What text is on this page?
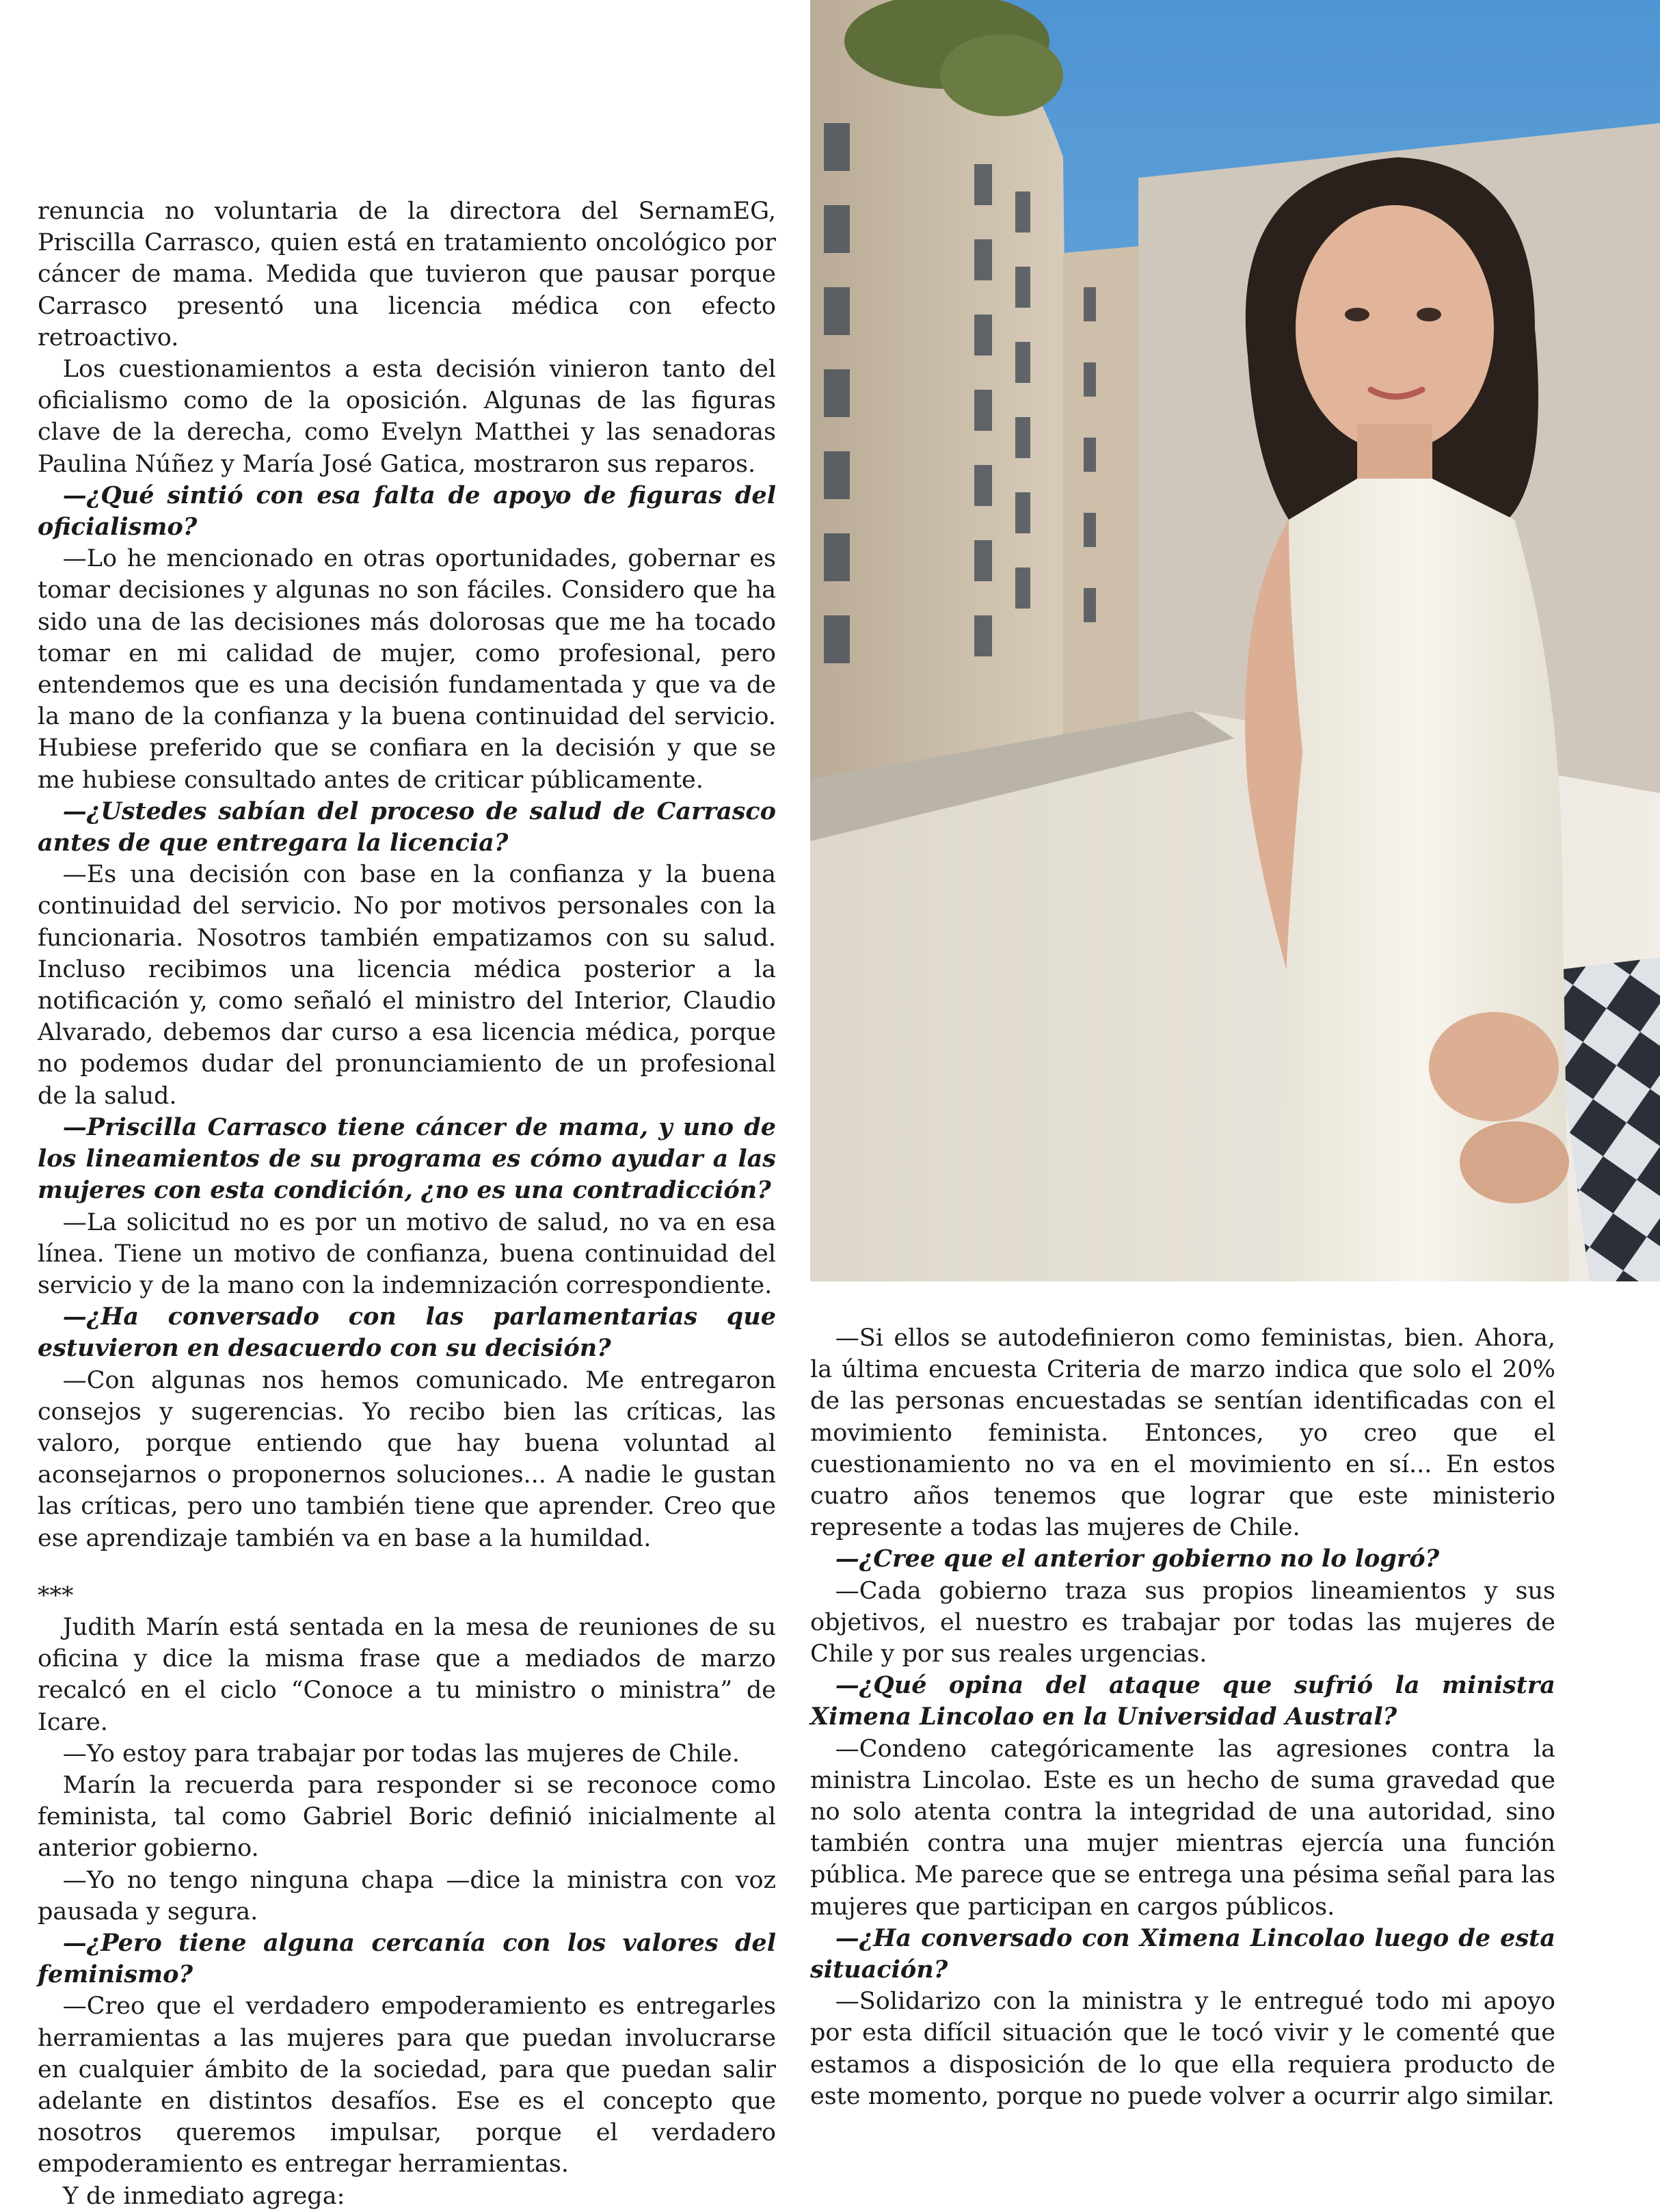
renuncia no voluntaria de la directora del SernamEG, Priscilla Carrasco, quien está en tratamiento oncológico por cáncer de mama. Medida que tuvieron que pausar porque Carrasco presentó una licencia médica con efecto retroactivo.

Los cuestionamientos a esta decisión vinieron tanto del oficialismo como de la oposición. Algunas de las figuras clave de la derecha, como Evelyn Matthei y las senadoras Paulina Núñez y María José Gatica, mostraron sus reparos.

—¿Qué sintió con esa falta de apoyo de figuras del oficialismo?

—Lo he mencionado en otras oportunidades, gobernar es tomar decisiones y algunas no son fáciles. Considero que ha sido una de las decisiones más dolorosas que me ha tocado tomar en mi calidad de mujer, como profesional, pero entendemos que es una decisión fundamentada y que va de la mano de la confianza y la buena continuidad del servicio. Hubiese preferido que se confiara en la decisión y que se me hubiese consultado antes de criticar públicamente.

—¿Ustedes sabían del proceso de salud de Carrasco antes de que entregara la licencia?

—Es una decisión con base en la confianza y la buena continuidad del servicio. No por motivos personales con la funcionaria. Nosotros también empatizamos con su salud. Incluso recibimos una licencia médica posterior a la notificación y, como señaló el ministro del Interior, Claudio Alvarado, debemos dar curso a esa licencia médica, porque no podemos dudar del pronunciamiento de un profesional de la salud.

—Priscilla Carrasco tiene cáncer de mama, y uno de los lineamientos de su programa es cómo ayudar a las mujeres con esta condición, ¿no es una contradicción?

—La solicitud no es por un motivo de salud, no va en esa línea. Tiene un motivo de confianza, buena continuidad del servicio y de la mano con la indemnización correspondiente.

—¿Ha conversado con las parlamentarias que estuvieron en desacuerdo con su decisión?

—Con algunas nos hemos comunicado. Me entregaron consejos y sugerencias. Yo recibo bien las críticas, las valoro, porque entiendo que hay buena voluntad al aconsejarnos o proponernos soluciones... A nadie le gustan las críticas, pero uno también tiene que aprender. Creo que ese aprendizaje también va en base a la humildad.

***

Judith Marín está sentada en la mesa de reuniones de su oficina y dice la misma frase que a mediados de marzo recalcó en el ciclo “Conoce a tu ministro o ministra” de Icare.

—Yo estoy para trabajar por todas las mujeres de Chile.

Marín la recuerda para responder si se reconoce como feminista, tal como Gabriel Boric definió inicialmente al anterior gobierno.

—Yo no tengo ninguna chapa —dice la ministra con voz pausada y segura.

—¿Pero tiene alguna cercanía con los valores del feminismo?

—Creo que el verdadero empoderamiento es entregarles herramientas a las mujeres para que puedan involucrarse en cualquier ámbito de la sociedad, para que puedan salir adelante en distintos desafíos. Ese es el concepto que nosotros queremos impulsar, porque el verdadero empoderamiento es entregar herramientas.

Y de inmediato agrega:

—Si ellos se autodefinieron como feministas, bien. Ahora, la última encuesta Criteria de marzo indica que solo el 20% de las personas encuestadas se sentían identificadas con el movimiento feminista. Entonces, yo creo que el cuestionamiento no va en el movimiento en sí... En estos cuatro años tenemos que lograr que este ministerio represente a todas las mujeres de Chile.

—¿Cree que el anterior gobierno no lo logró?

—Cada gobierno traza sus propios lineamientos y sus objetivos, el nuestro es trabajar por todas las mujeres de Chile y por sus reales urgencias.

—¿Qué opina del ataque que sufrió la ministra Ximena Lincolao en la Universidad Austral?

—Condeno categóricamente las agresiones contra la ministra Lincolao. Este es un hecho de suma gravedad que no solo atenta contra la integridad de una autoridad, sino también contra una mujer mientras ejercía una función pública. Me parece que se entrega una pésima señal para las mujeres que participan en cargos públicos.

—¿Ha conversado con Ximena Lincolao luego de esta situación?

—Solidarizo con la ministra y le entregué todo mi apoyo por esta difícil situación que le tocó vivir y le comenté que estamos a disposición de lo que ella requiera producto de este momento, porque no puede volver a ocurrir algo similar.
